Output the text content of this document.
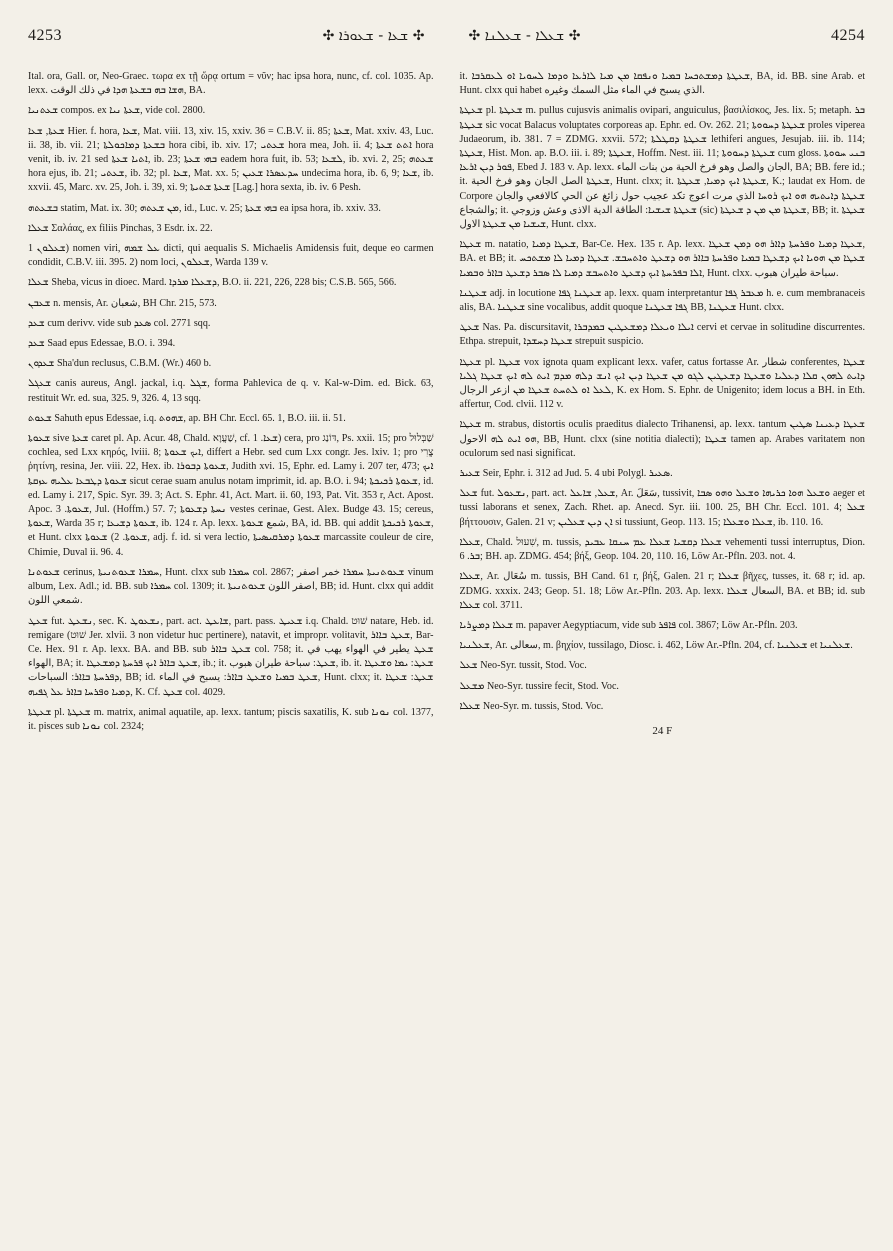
4253	✣ ܫܥܐ ‑ ܫܥܘܪܐ ✣	✣ ܫܥܠܐ ‑ ܫܥܠܢܐ ✣	4254

Ital. ora, Gall. or, Neo-Graec. τωρα ex τῇ ὥρᾳ ortum = νῦν; hac ipsa hora, nunc, cf. col. 1035. Ap. lexx. ܗܫܐ ܒܗ ܒܫܥܬܐ ܗܕܐ في ذلك الوقت, BA.

ܫܥܬܢܝܐ compos. ex ܫܥܬܐ ܢܝܐ, vide col. 2800.

ܫܥܬܐ, ܫܥܐ Hier. f. hora, ܫܥܐ, Mat. viii. 13, xiv. 15, xxiv. 36 = C.B.V. ii. 85; ܫܥܬܐ, Mat. xxiv. 43, Luc. ii. 38, ib. vii. 21; ܒܫܥܬܐ ܕܡܐܟܘܠܬܐ hora cibi, ib. xiv. 17; ܫܥܬܝ hora mea, Joh. ii. 4; ܐܬܬ ܫܥܬܐ hora venit, ib. iv. 21 sed ܐܬܝܐ ܫܥܬܐ, ib. 23; ܒܗܝ ܫܥܬܐ eadem hora fuit, ib. 53; ܠܫܥܐ, ib. xvi. 2, 25; ܫܥܬܗ hora ejus, ib. 21; ܫܥܬܝ, ib. 32; pl. ܫܥܐ, Mat. xx. 5; ܚܕܥܣܪܐ ܫܥܝܢ undecima hora, ib. 6, 9; ܫܥܐ, ib. xxvii. 45, Marc. xv. 25, Joh. i. 39, xi. 9; ܫܥܬܐ ܫܬܝܬܐ [Lag.] hora sexta, ib. iv. 6 Pesh.

ܒܫܥܬܗ statim, Mat. ix. 30; ܡܢ ܫܥܬܗ, id., Luc. v. 25; ܒܗܝ ܫܥܬܐ ea ipsa hora, ib. xxiv. 33.

ܫܥܠܐ Σαλάας, ex filiis Pinchas, 3 Esdr. ix. 22.

ܫܥܠܘܢ 1) nomen viri, ܥܠ ܫܡܗ dicti, qui aequalis S. Michaelis Amidensis fuit, deque eo carmen condidit, C.B.V. iii. 395. 2) nom loci, ܫܥܠܘܢ, Warda 139 v.

ܫܥܠܐ Sheba, vicus in dioec. Mard. ܕܫܥܠܐ ܡܪܕܐ, B.O. ii. 221, 226, 228 bis; C.S.B. 565, 566.

ܫܥܒܢ n. mensis, Ar. شعبان, BH Chr. 215, 573.

ܫܥܕ cum derivv. vide sub ܣܥܕ col. 2771 sqq.

ܫܥܕ Saad epus Edessae, B.O. i. 394.

ܫܥܕܘܢ Sha'dun reclusus, C.B.M. (Wr.) 460 b.

ܫܥܓܠ canis aureus, Angl. jackal, i.q. ܫܓܠ, forma Pahlevica de q. v. Kal-w-Dim. ed. Bick. 63, restituit Wr. ed. sua, 325. 9, 326. 4, 13 sqq.

ܫܥܘܬ Sahuth epus Edessae, i.q. ܫܗܘܬ, ap. BH Chr. Eccl. 65. 1, B.O. iii. ii. 51.

ܫܥܘܬܐ sive ܫܥܬܐ caret pl. Ap. Acur. 48, Chald. שַׁעֲוָא, cf. ܫܥܐ. 1) cera, pro דּוֹנַג, Ps. xxii. 15; pro שַׁבְּלוּל cochlea, sed Lxx κηρός, lviii. 8; ܐܝܟ ܫܥܘܬܐ, differt a Hebr. sed cum Lxx congr. Jes. lxiv. 1; pro צֳרִי ῥητίνη, resina, Jer. viii. 22, Hex. ib. ܫܥܘܬܐ ܕܒܘܪܐ, Judith xvi. 15, Ephr. ed. Lamy i. 207 ter, 473; ܐܝܟ ܫܥܘܬܐ ܕܛܒܥܐ ܥܠܝܗ ܥܙܩܬܐ sicut cerae suam anulus notam imprimit, id. ap. B.O. i. 94; ܫܥܘܬܐ ܪܟܝܟܬܐ, id. ed. Lamy i. 217, Spic. Syr. 39. 3; Act. S. Ephr. 41, Act. Mart. ii. 60, 193, Pat. Vit. 353 r, Act. Apost. Apoc. ܫܥܘܬܐ. 3, Jul. (Hoffm.) 57. 7; ܢܚܬܐ ܕܫܥܘܬܐ vestes cerinae, Gest. Alex. Budge 43. 15; cereus, ܫܥܘܬܐ, Warda 35 r; ܫܥܘܬܐ ܕܫܝܥܐ, ib. 124 r. Ap. lexx. شمع ܫܥܘܬܐ, BA, id. BB. qui addit ܫܥܘܬܐ ܪܟܝܟܬܐ, et Hunt. clxx ܫܥܘܬܐ. 2) ܫܥܘܬܐ, adj. f. id. si vera lectio, ܫܥܘܬܐ ܕܡܪܩܝܣܝܬܐ marcassite couleur de cire, Chimie, Duval ii. 96. 4.

ܫܥܘܬܢܐ cerinus, ܚܡܪܐ ܫܥܘܬܢܝܬܐ, Hunt. clxx sub ܚܡܪܐ col. 2867; ܫܥܘܬܢܝܬܐ ܚܡܪܐ خمر اصفر vinum album, Lex. Adl.; id. BB. sub ܚܡܪܐ col. 1309; it. اصفر اللون ܫܥܘܬܢܝܬܐ, BB; id. Hunt. clxx qui addit شمعي اللون.

ܫܥܛ fut. ܢܫܥܛ, sec. K. ܢܫܥܘܛ, part. act. ܫܐܥܛ, part. pass. ܫܥܝܛ i.q. Chald. שׁוּט natare, Heb. id. remigare (שׁוּט Jer. xlvii. 3 non videtur huc pertinere), natavit, et impropr. volitavit, ܫܥܛ ܒܐܐܪ, Bar-Ce. Hex. 91 r. Ap. lexx. BA. and BB. sub ܫܥܛ ܒܐܐܪ col. 758; it. ܫܥܛ يطير في الهواء يهب في الهواء, BA; it. ܫܥܛ ܒܐܐܪ ܐܝܟ ܦܪܚܬܐ ܕܡܫܥܛܐ, ib.; it. ܫܥܛ: سباحة طيران هبوب, ib. it. ܫܥܛ: ܝܡܐ ܘܫܥܛܐ ܕܦܪܚܬܐ ܒܐܐܪ: السباحات, BB; id. ܫܥܛ ܒܡܝܐ ܘܫܥܛ ܒܐܐܪ: يسبح في الماء, Hunt. clxx; it. ܫܥܛ: ܫܥܛܐ ܕܡܝܐ ܘܦܪܚܐ ܒܐܐܪ ܥܠ ܓܦܝܗ, K. Cf. ܫܥܛ col. 4029.

ܫܥܛܬܐ pl. ܫܥܛܬܐ m. matrix, animal aquatile, ap. lexx. tantum; piscis saxatilis, K. sub ܢܘܢܐ col. 1377, it. pisces sub ܢܘܢܐ col. 2324;

it. ܫܥܛܬܐ ܕܡܫܬܟܚܐ ܒܡܝܐ ܘܢܦܩܐ ܡܢ ܡܝܐ ܠܐܪܥܐ ܘܕܡܐ ܠܚܘܝܐ ܐܘ ܠܥܩܪܒܐ, BA, id. BB. sine Arab. et Hunt. clxx qui habet الذي يسبح في الماء مثل السمك وغيره.

ܫܥܛܬܐ pl. ܫܥܛܬܐ m. pullus cujusvis animalis ovipari, anguiculus, βασιλίσκος, Jes. lix. 5; metaph. ܒܪ ܫܥܛܬܐ sic vocat Balacus voluptates corporeas ap. Ephr. ed. Ov. 262. 21; ܫܥܛܬܐ ܕܚܘܘܬܐ proles viperea Judaeorum, ib. 381. 7 = ZDMG. xxvii. 572; ܫܥܛܬܐ ܕܩܛܠܬܐ lethiferi angues, Jesujab. iii. ib. 114; ܫܥܛܬܐ, Hist. Mon. ap. B.O. iii. i. 89; ܫܥܛܬܐ, Hoffm. Nest. iii. 11; ܫܥܛܬܐ ܕܚܘܘܬܐ cum gloss. ܒܢܝ ܚܘܘܬܐ ܦܘܪ ܕܝܢ ܐܪܥܐ, Ebed J. 183 v. Ap. lexx. الجان والصل وهو فرخ الحية من بنات الماء, BA; BB. fere id.; it. ܫܥܛܬܐ الصل الجان وهو فرخ الحية, Hunt. clxx; it. ܫܥܛܬܐ ܐܝܟ ܕܡܝܐ, ܫܥܛܬܐ, K.; laudat ex Hom. de Corpore ܫܥܛܬܐ ܕܐܝܬܝܗ ܗܘ ܐܝܟ ܪܘܚܐ الذي مرت اعوج تكد عجيب حول زائغ عن الحي كالافعي والجان والشجاع; it. ܫܥܛܬܐ ܫܝܫܝܐ: الطاقة الدية الاذى وعش وزوجي (sic) ܫܥܛܬܐ ܡܢ ܡܢ ܕ ܫܥܛܬܐ, BB; it. ܫܥܛܬܐ ܫܝܫܝܐ ܡܢ ܫܥܛܬܐ الاول, Hunt. clxx.

ܫܥܛܐ m. natatio, ܫܥܛܐ ܕܡܝܐ, Bar-Ce. Hex. 135 r. Ap. lexx. ܫܥܛܐ ܕܡܝܐ ܘܦܪܚܬܐ ܕܐܐܪ ܗܘ ܕܡܢ ܫܥܛܐ, BA. et BB; it. ܫܥܛܐ ܡܢ ܗܘܝܐ ܐܝܟ ܕܫܥܛܐ ܒܡܝܐ ܘܦܪܚܬܐ ܒܐܐܪ ܗܘ ܕܫܥܛ ܘܐܬܚܒܫ. ܫܥܛܐ ܕܡܝܐ ܠܐ ܡܫܬܟܚ ܐܠܐ ܒܦܪܚܬܐ ܐܝܟ ܕܫܥܛ ܘܐܬܚܒܫ ܕܡܝܐ ܠܐ ܣܒܪ ܕܫܥܛ ܒܐܐܪ ܘܒܡܝܐ, Hunt. clxx. سباحة طيران هبوب.

ܫܥܛܢܐ adj. in locutione ܫܥܛܢܐ ܓܦܐ ap. lexx. quam interpretantur ܡܥܒܪ ܓܦܐ h. e. cum membranaceis alis, BA. ܫܥܛܢܐ sine vocalibus, addit quoque ܓܦܐ ܫܥܛܢܐ BB, ܫܥܛܢܐ Hunt. clxx.

ܫܥܛ Nas. Pa. discursitavit, ܐܝܠܐ ܘܝܥܠܐ ܕܡܫܥܛܝܢ ܒܡܕܒܪܐ cervi et cervae in solitudine discurrentes. Ethpa. strepuit, ܫܥܛܐ ܕܚܫܕܐ strepuit suspicio.

ܫܥܛܐ pl. ܫܥܛܐ vox ignota quam explicant lexx. vafer, catus fortasse Ar. شطار conferentes, ܫܥܛܐ ܕܐܝܬ ܠܗܘܢ ܩܠܐ ܕܥܠܝܐ ܘܫܥܛܐ ܕܫܥܛܝܢ ܠܓܘ ܡܢ ܫܥܛܐ ܕܝܢ ܐܝܟ ܐܢܫ ܕܠܗ ܡܕܡ ܐܝܬ ܠܗ ܐܝܟ ܫܥܛܐ ܓܠܝܐ ܠܥܠ ܐܘ ܠܬܚܬ ܫܥܛܐ ܡܢ ازعر الرجال, K. ex Hom. S. Ephr. de Unigenito; idem locus a BH. in Eth. affertur, Cod. clvii. 112 v.

ܫܥܛܐ m. strabus, distortis oculis praeditus dialecto Trihanensi, ap. lexx. tantum ܫܥܛܐ ܕܥܝܢܐ ܣܛܝܢ ܗܘ ܐܝܬ ܠܗ الاحول, BB, Hunt. clxx (sine notitia dialecti); ܫܥܛܐ tamen ap. Arabes varitatem non oculorum sed nasi significat.

ܫܥܝܪ Seir, Ephr. i. 312 ad Jud. 5. 4 ubi Polygl. ܣܥܝܪ.

ܫܥܠ fut. ܢܫܥܘܠ, part. act. ܫܥܠ, ܫܐܥܠ, Ar. سَعَلَ, tussivit, ܘܫܥܠ ܗܘܐ ܟܪܝܗܐ ܘܫܥܠ ܘܗܘ ܣܒܐ aeger et tussi laborans et senex, Zach. Rhet. ap. Anecd. Syr. iii. 100. 25, BH Chr. Eccl. 101. 4; ܫܥܠ βήττουσιν, Galen. 21 v; ܐܢ ܕܝܢ ܫܥܠܝܢ si tussiunt, Geop. 113. 15; ܫܥܠܐ ܘܫܥܠܐ, ib. 110. 16.

ܫܥܠܐ, Chald. שִׁעוּל, m. tussis, ܫܥܠܐ ܕܩܫܝܐ ܫܥܠܐ ܥܡ ܚܢܩܐ ܥܒܝܕ vehementi tussi interruptus, Dion. ܒܪ. 6; BH. ap. ZDMG. 454; βήξ, Geop. 104. 20, 110. 16, Löw Ar.-Pfln. 203. not. 4.

ܫܥܠܐ, Ar. سُعَال m. tussis, BH Cand. 61 r, βήξ, Galen. 21 r; ܫܥܠܐ βῆχες, tusses, it. 68 r; id. ap. ZDMG. xxxix. 243; Geop. 51. 18; Löw Ar.-Pfln. 203. Ap. lexx. السعال ܫܥܠܐ, BA. et BB; id. sub ܫܥܠܐ col. 3711.

ܫܥܠܐ ܕܡܨܪܝܐ m. papaver Aegyptiacum, vide sub ܦܐܦܪ col. 3867; Löw Ar.-Pfln. 203.

ܫܥܠܢܝܐ, Ar. سعالى, m. βηχίον, tussilago, Diosc. i. 462, Löw Ar.-Pfln. 204, cf. ܫܥܠܢܝܐ et ܫܥܠܢܝܐ.

ܫܥܠ Neo-Syr. tussit, Stod. Voc.

ܡܫܥܠ Neo-Syr. tussire fecit, Stod. Voc.

ܫܥܠܐ Neo-Syr. m. tussis, Stod. Voc.

24 F
